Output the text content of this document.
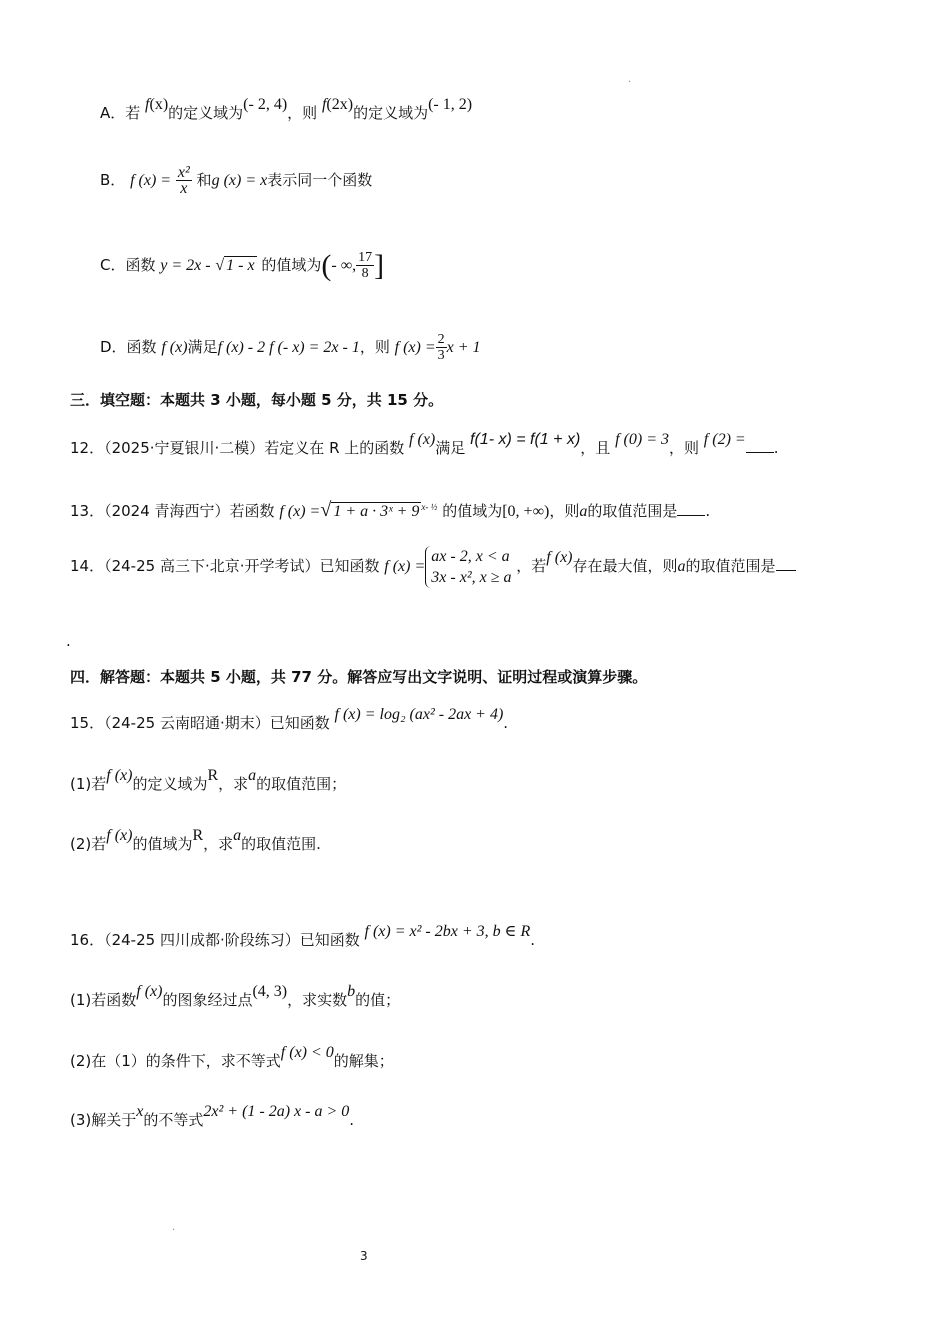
A．若 f(x)的定义域为(- 2, 4)，则 f(2x)的定义域为(- 1, 2)
B． f $(x) = \frac{\text{x²}}{x}$ 和g (x) = x表示同一个函数
C．函数 y = 2x - √ 1 - x 的值域为(- ∞, $\frac{17}{8}$ ]
D．函数 f (x)满足f (x) - 2 f (- x) = 2x - 1，则 f $(x) = \frac{2}{3}$ x + 1
三．填空题：本题共 3 小题，每小题 5 分，共 15 分。
12．（2025·宁夏银川·二模）若定义在 R 上的函数 f (x)满足 f(1- x) = f(1 + x)，且 f (0) = 3，则 f (2) = .
13．（2024 青海西宁）若函数 f (x) =√ 1 + a · 3ˣ + 9 $^{x- \frac{1}{2}}$ 的值域为[0, +∞)，则a的取值范围是 .
14．（24-25 高三下·北京·开学考试）已知函数 f (x) =
ax - 2, x < a
3x - x², x ≥ a
，若f (x)存在最大值，则a的取值范围是
.
四．解答题：本题共 5 小题，共 77 分。解答应写出文字说明、证明过程或演算步骤。
15．（24-25 云南昭通·期末）已知函数 f (x) = log₂ (ax² - 2ax + 4).
(1)若f (x)的定义域为R，求a的取值范围；
(2)若f (x)的值域为R，求a的取值范围.
16．（24-25 四川成都·阶段练习）已知函数 f (x) = x² - 2bx + 3, b ∈ R.
(1)若函数f (x)的图象经过点(4, 3)，求实数b的值；
(2)在（1）的条件下，求不等式f (x) < 0的解集；
(3)解关于x的不等式2x² + (1 - 2a) x - a > 0.
.
.
3
